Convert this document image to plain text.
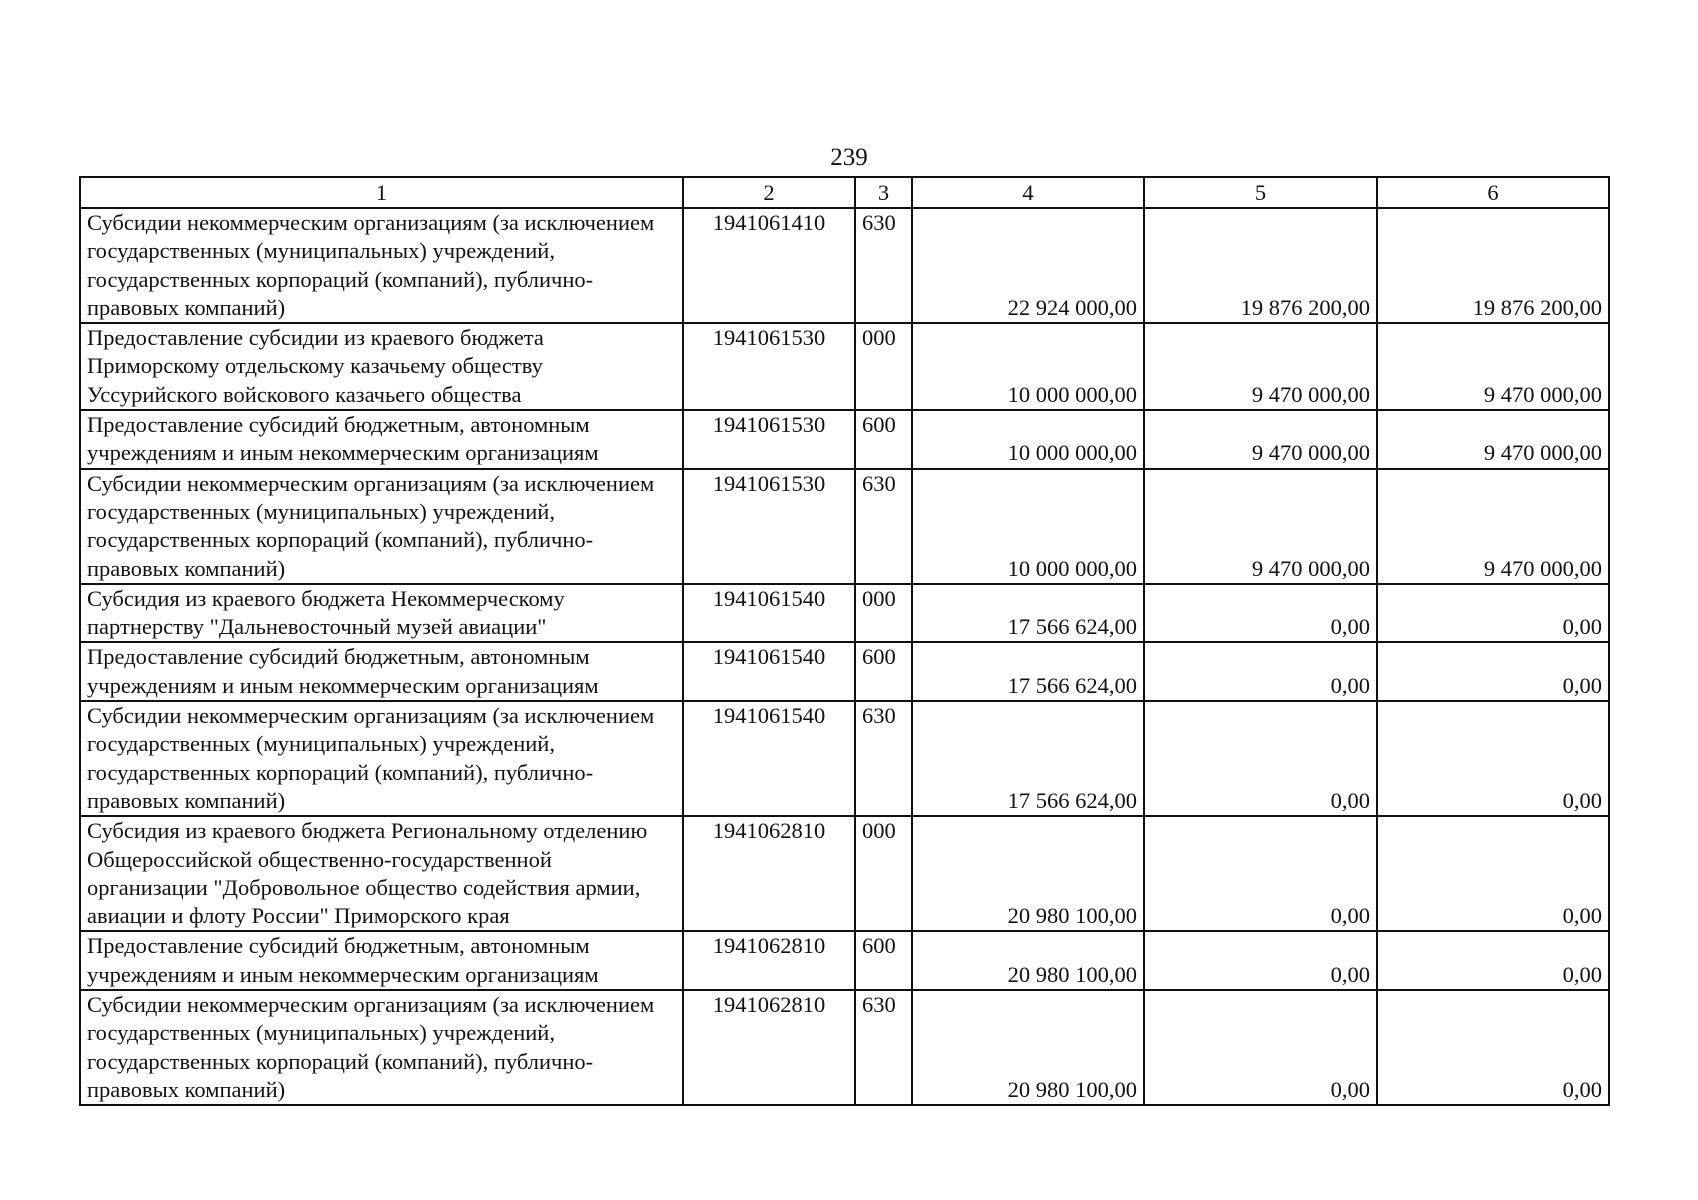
239
1	2	3	4	5	6
Субсидии некоммерческим организациям (за исключением государственных (муниципальных) учреждений, государственных корпораций (компаний), публично-правовых компаний)	1941061410	630	22 924 000,00	19 876 200,00	19 876 200,00
Предоставление субсидии из краевого бюджета Приморскому отдельскому казачьему обществу Уссурийского войскового казачьего общества	1941061530	000	10 000 000,00	9 470 000,00	9 470 000,00
Предоставление субсидий бюджетным, автономным учреждениям и иным некоммерческим организациям	1941061530	600	10 000 000,00	9 470 000,00	9 470 000,00
Субсидии некоммерческим организациям (за исключением государственных (муниципальных) учреждений, государственных корпораций (компаний), публично-правовых компаний)	1941061530	630	10 000 000,00	9 470 000,00	9 470 000,00
Субсидия из краевого бюджета Некоммерческому партнерству "Дальневосточный музей авиации"	1941061540	000	17 566 624,00	0,00	0,00
Предоставление субсидий бюджетным, автономным учреждениям и иным некоммерческим организациям	1941061540	600	17 566 624,00	0,00	0,00
Субсидии некоммерческим организациям (за исключением государственных (муниципальных) учреждений, государственных корпораций (компаний), публично-правовых компаний)	1941061540	630	17 566 624,00	0,00	0,00
Субсидия из краевого бюджета Региональному отделению Общероссийской общественно-государственной организации "Добровольное общество содействия армии, авиации и флоту России" Приморского края	1941062810	000	20 980 100,00	0,00	0,00
Предоставление субсидий бюджетным, автономным учреждениям и иным некоммерческим организациям	1941062810	600	20 980 100,00	0,00	0,00
Субсидии некоммерческим организациям (за исключением государственных (муниципальных) учреждений, государственных корпораций (компаний), публично-правовых компаний)	1941062810	630	20 980 100,00	0,00	0,00
